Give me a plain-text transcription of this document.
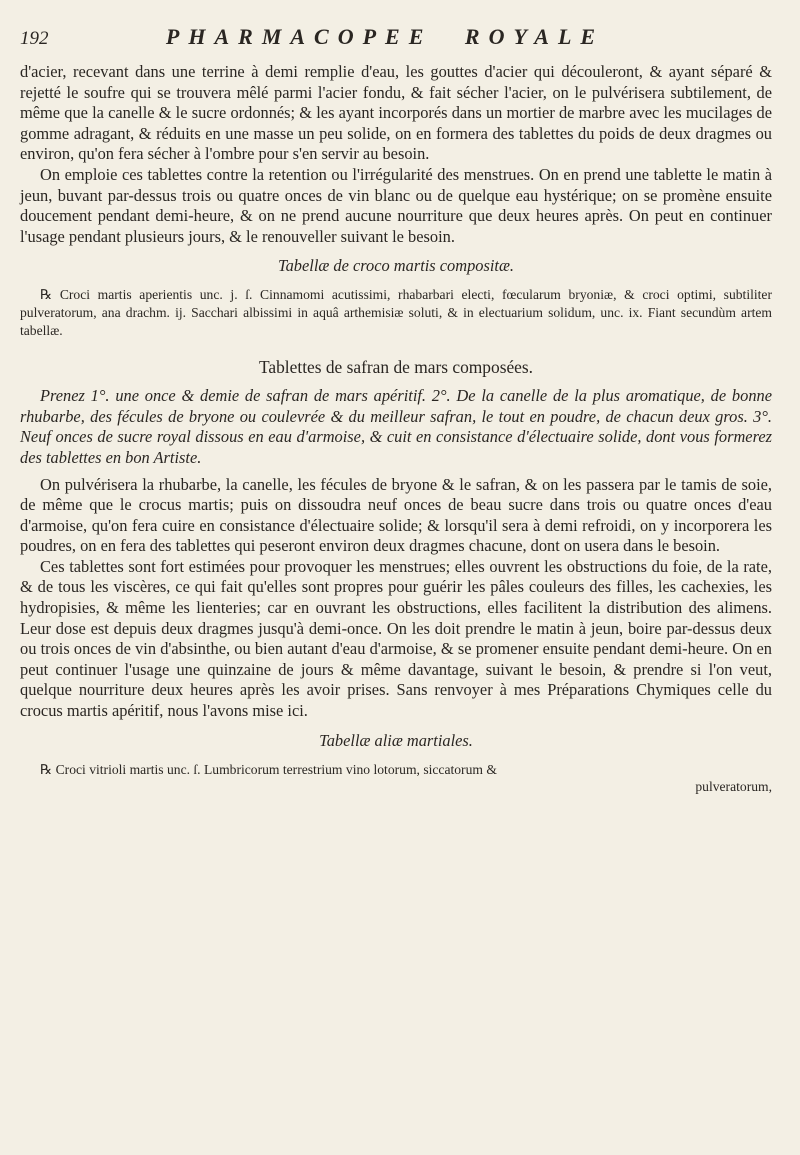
192	PHARMACOPEE ROYALE

d'acier, recevant dans une terrine à demi remplie d'eau, les gouttes d'acier qui découleront, & ayant séparé & rejetté le soufre qui se trouvera mêlé parmi l'acier fondu, & fait sécher l'acier, on le pulvérisera subtilement, de même que la canelle & le sucre ordonnés; & les ayant incorporés dans un mortier de marbre avec les mucilages de gomme adragant, & réduits en une masse un peu solide, on en formera des tablettes du poids de deux dragmes ou environ, qu'on fera sécher à l'ombre pour s'en servir au besoin.

On emploie ces tablettes contre la retention ou l'irrégularité des menstrues. On en prend une tablette le matin à jeun, buvant par-dessus trois ou quatre onces de vin blanc ou de quelque eau hystérique; on se promène ensuite doucement pendant demi-heure, & on ne prend aucune nourriture que deux heures après. On peut en continuer l'usage pendant plusieurs jours, & le renouveller suivant le besoin.

Tabellæ de croco martis compositæ.

℞ Croci martis aperientis unc. j. ſ. Cinnamomi acutissimi, rhabarbari electi, fœcularum bryoniæ, & croci optimi, subtiliter pulveratorum, ana drachm. ij. Sacchari albissimi in aquâ arthemisiæ soluti, & in electuarium solidum, unc. ix. Fiant secundùm artem tabellæ.

Tablettes de safran de mars composées.

Prenez 1°. une once & demie de safran de mars apéritif. 2°. De la canelle de la plus aromatique, de bonne rhubarbe, des fécules de bryone ou coulevrée & du meilleur safran, le tout en poudre, de chacun deux gros. 3°. Neuf onces de sucre royal dissous en eau d'armoise, & cuit en consistance d'électuaire solide, dont vous formerez des tablettes en bon Artiste.

On pulvérisera la rhubarbe, la canelle, les fécules de bryone & le safran, & on les passera par le tamis de soie, de même que le crocus martis; puis on dissoudra neuf onces de beau sucre dans trois ou quatre onces d'eau d'armoise, qu'on fera cuire en consistance d'électuaire solide; & lorsqu'il sera à demi refroidi, on y incorporera les poudres, on en fera des tablettes qui peseront environ deux dragmes chacune, dont on usera dans le besoin.

Ces tablettes sont fort estimées pour provoquer les menstrues; elles ouvrent les obstructions du foie, de la rate, & de tous les viscères, ce qui fait qu'elles sont propres pour guérir les pâles couleurs des filles, les cachexies, les hydropisies, & même les lienteries; car en ouvrant les obstructions, elles facilitent la distribution des alimens. Leur dose est depuis deux dragmes jusqu'à demi-once. On les doit prendre le matin à jeun, boire par-dessus deux ou trois onces de vin d'absinthe, ou bien autant d'eau d'armoise, & se promener ensuite pendant demi-heure. On en peut continuer l'usage une quinzaine de jours & même davantage, suivant le besoin, & prendre si l'on veut, quelque nourriture deux heures après les avoir prises. Sans renvoyer à mes Préparations Chymiques celle du crocus martis apéritif, nous l'avons mise ici.

Tabellæ aliæ martiales.

℞ Croci vitrioli martis unc. ſ. Lumbricorum terrestrium vino lotorum, siccatorum &

pulveratorum,
